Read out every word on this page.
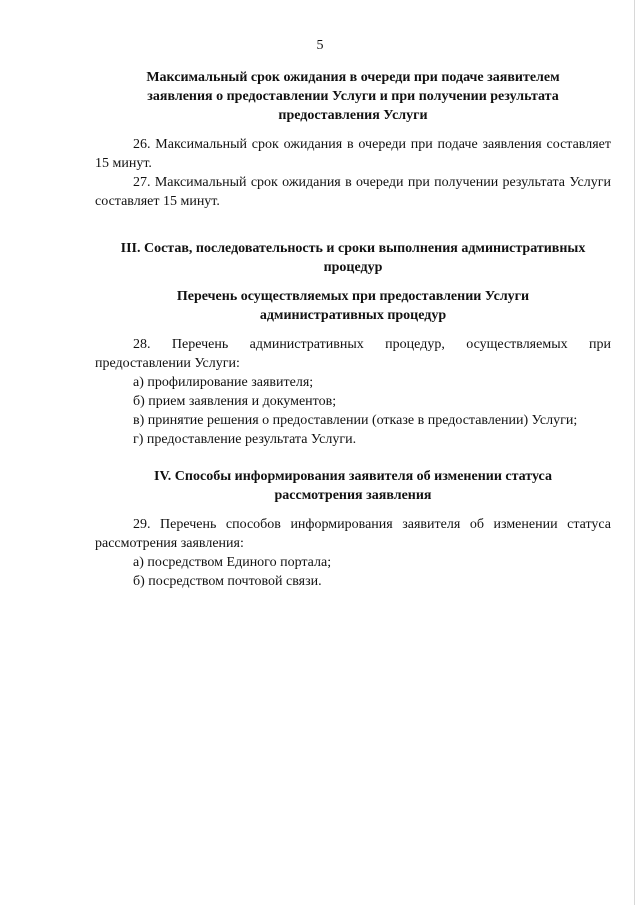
5

Максимальный срок ожидания в очереди при подаче заявителем заявления о предоставлении Услуги и при получении результата предоставления Услуги

26. Максимальный срок ожидания в очереди при подаче заявления составляет 15 минут.

27. Максимальный срок ожидания в очереди при получении результата Услуги составляет 15 минут.

III. Состав, последовательность и сроки выполнения административных процедур

Перечень осуществляемых при предоставлении Услуги административных процедур

28. Перечень административных процедур, осуществляемых при предоставлении Услуги:

а) профилирование заявителя;

б) прием заявления и документов;

в) принятие решения о предоставлении (отказе в предоставлении) Услуги;

г) предоставление результата Услуги.

IV. Способы информирования заявителя об изменении статуса рассмотрения заявления

29. Перечень способов информирования заявителя об изменении статуса рассмотрения заявления:

а) посредством Единого портала;

б) посредством почтовой связи.
